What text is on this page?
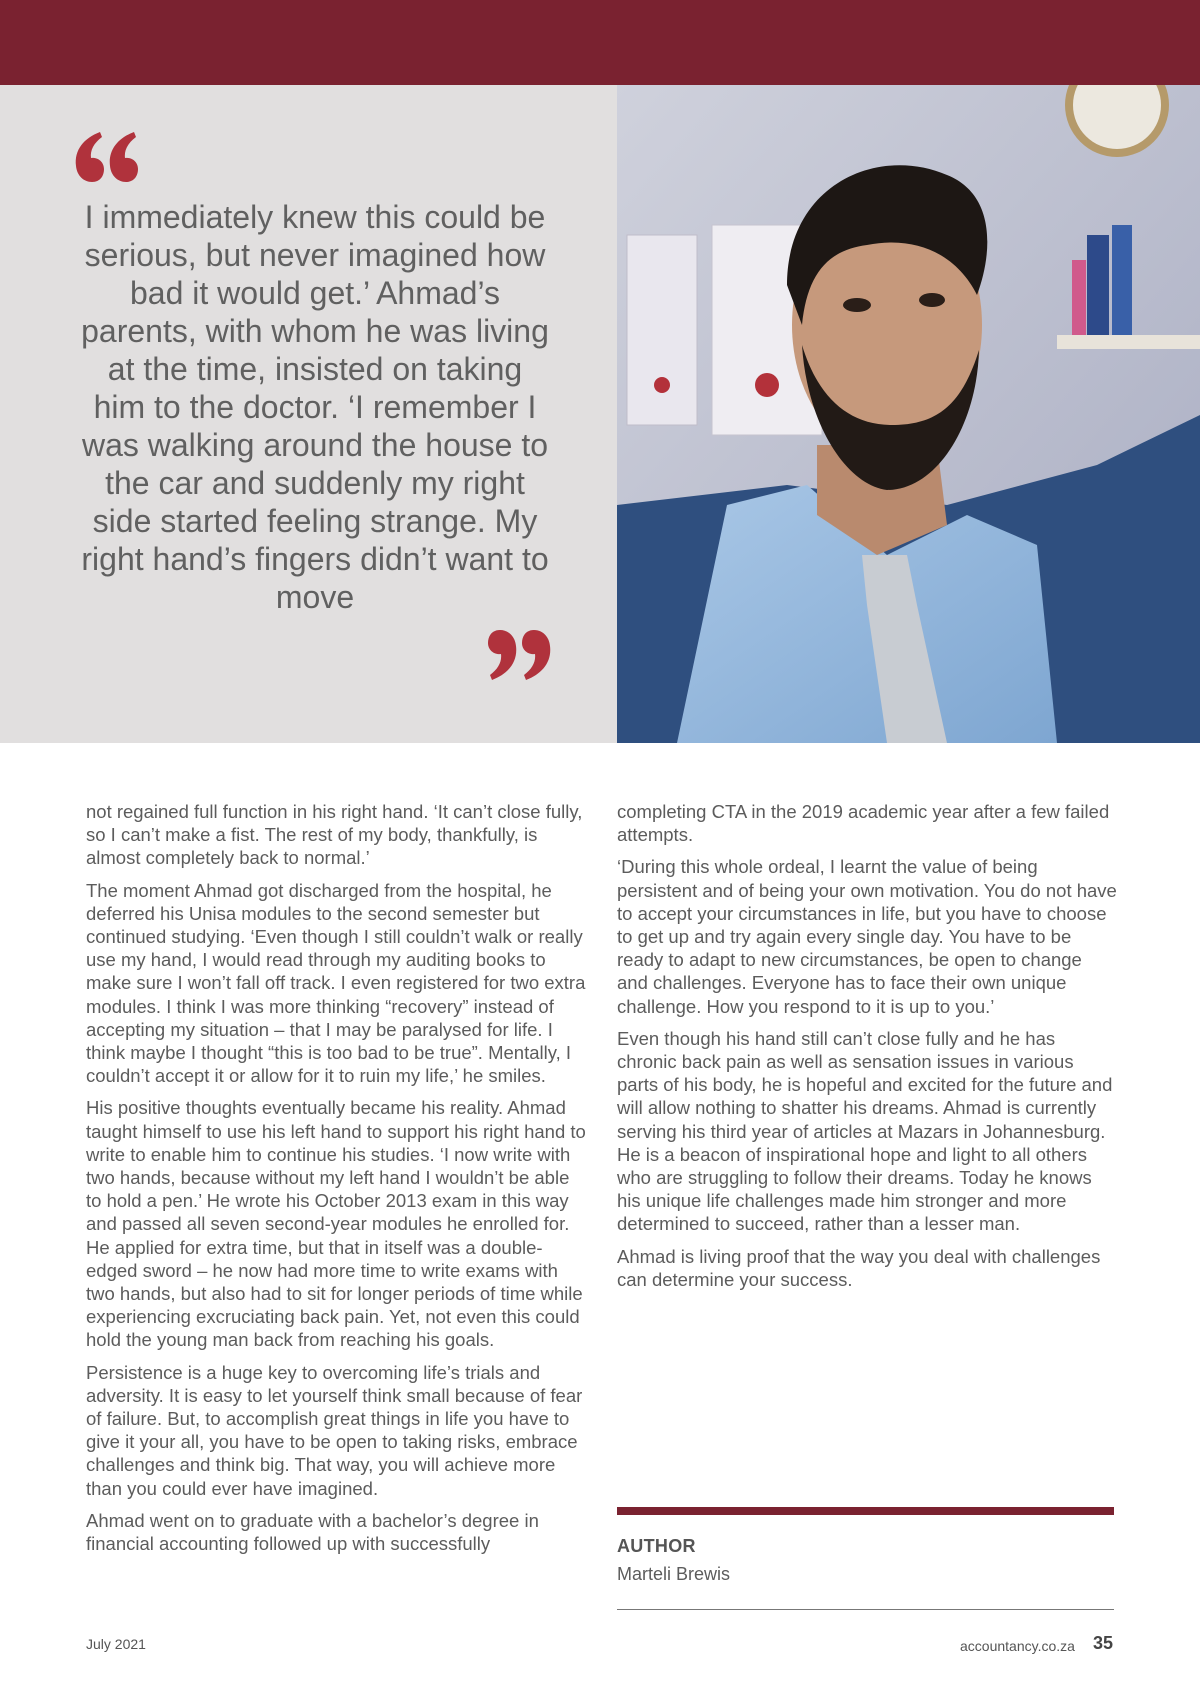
I immediately knew this could be serious, but never imagined how bad it would get.’ Ahmad’s parents, with whom he was living at the time, insisted on taking him to the doctor. ‘I remember I was walking around the house to the car and suddenly my right side started feeling strange. My right hand’s fingers didn’t want to move

not regained full function in his right hand. ‘It can’t close fully, so I can’t make a fist. The rest of my body, thankfully, is almost completely back to normal.’

The moment Ahmad got discharged from the hospital, he deferred his Unisa modules to the second semester but continued studying. ‘Even though I still couldn’t walk or really use my hand, I would read through my auditing books to make sure I won’t fall off track. I even registered for two extra modules. I think I was more thinking “recovery” instead of accepting my situation – that I may be paralysed for life. I think maybe I thought “this is too bad to be true”. Mentally, I couldn’t accept it or allow for it to ruin my life,’ he smiles.

His positive thoughts eventually became his reality. Ahmad taught himself to use his left hand to support his right hand to write to enable him to continue his studies. ‘I now write with two hands, because without my left hand I wouldn’t be able to hold a pen.’ He wrote his October 2013 exam in this way and passed all seven second-year modules he enrolled for. He applied for extra time, but that in itself was a double-edged sword – he now had more time to write exams with two hands, but also had to sit for longer periods of time while experiencing excruciating back pain. Yet, not even this could hold the young man back from reaching his goals.

Persistence is a huge key to overcoming life’s trials and adversity. It is easy to let yourself think small because of fear of failure. But, to accomplish great things in life you have to give it your all, you have to be open to taking risks, embrace challenges and think big. That way, you will achieve more than you could ever have imagined.

Ahmad went on to graduate with a bachelor’s degree in financial accounting followed up with successfully

completing CTA in the 2019 academic year after a few failed attempts.

‘During this whole ordeal, I learnt the value of being persistent and of being your own motivation. You do not have to accept your circumstances in life, but you have to choose to get up and try again every single day. You have to be ready to adapt to new circumstances, be open to change and challenges. Everyone has to face their own unique challenge. How you respond to it is up to you.’

Even though his hand still can’t close fully and he has chronic back pain as well as sensation issues in various parts of his body, he is hopeful and excited for the future and will allow nothing to shatter his dreams. Ahmad is currently serving his third year of articles at Mazars in Johannesburg. He is a beacon of inspirational hope and light to all others who are struggling to follow their dreams. Today he knows his unique life challenges made him stronger and more determined to succeed, rather than a lesser man.

Ahmad is living proof that the way you deal with challenges can determine your success.

AUTHOR
Marteli Brewis
July 2021	accountancy.co.za 35
